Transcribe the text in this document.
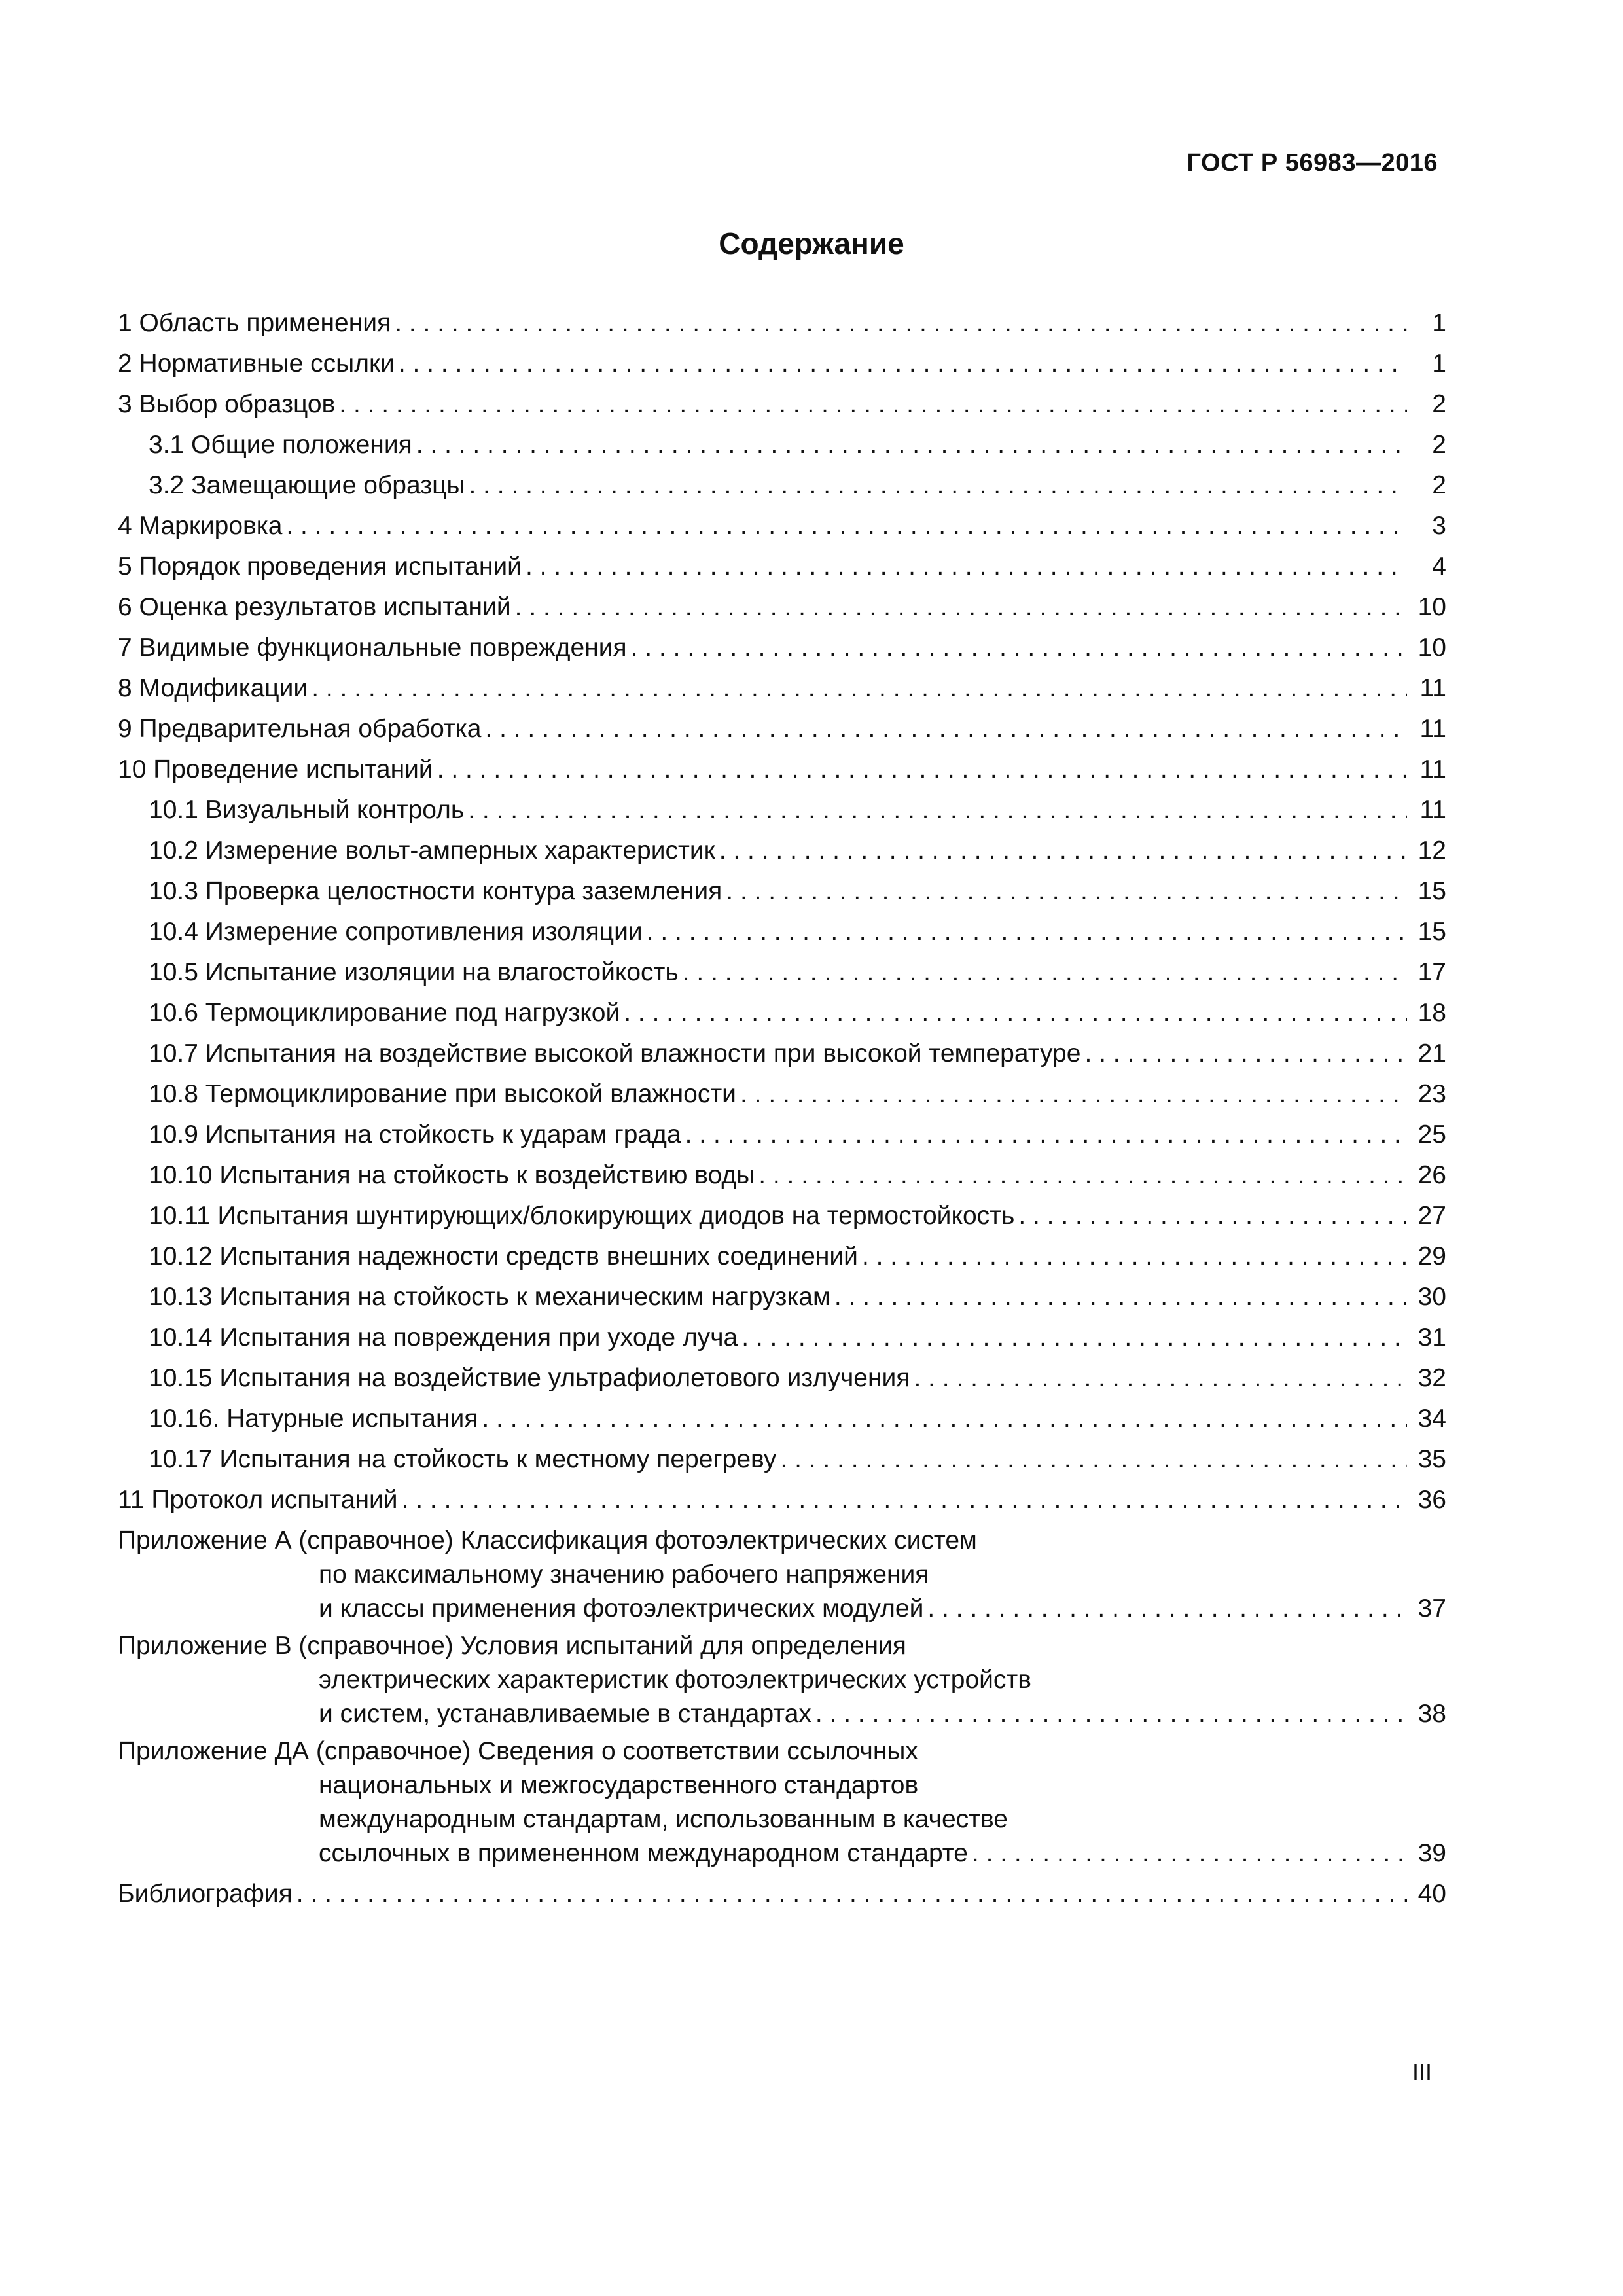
ГОСТ Р 56983—2016
Содержание
1 Область применения . . .	1
2 Нормативные ссылки . . .	1
3 Выбор образцов . . .	2
3.1 Общие положения . . .	2
3.2 Замещающие образцы . . .	2
4 Маркировка . . .	3
5 Порядок проведения испытаний . . .	4
6 Оценка результатов испытаний . . .	10
7 Видимые функциональные повреждения . . .	10
8 Модификации . . .	11
9 Предварительная обработка . . .	11
10 Проведение испытаний . . .	11
10.1 Визуальный контроль . . .	11
10.2 Измерение вольт-амперных характеристик . . .	12
10.3 Проверка целостности контура заземления . . .	15
10.4 Измерение сопротивления изоляции . . .	15
10.5 Испытание изоляции на влагостойкость . . .	17
10.6 Термоциклирование под нагрузкой . . .	18
10.7 Испытания на воздействие высокой влажности при высокой температуре . . .	21
10.8 Термоциклирование при высокой влажности . . .	23
10.9 Испытания на стойкость к ударам града . . .	25
10.10 Испытания на стойкость к воздействию воды . . .	26
10.11 Испытания шунтирующих/блокирующих диодов на термостойкость . . .	27
10.12 Испытания надежности средств внешних соединений . . .	29
10.13 Испытания на стойкость к механическим нагрузкам . . .	30
10.14 Испытания на повреждения при уходе луча . . .	31
10.15 Испытания на воздействие ультрафиолетового излучения . . .	32
10.16. Натурные испытания . . .	34
10.17 Испытания на стойкость к местному перегреву . . .	35
11 Протокол испытаний . . .	36
Приложение А (справочное) Классификация фотоэлектрических систем
по максимальному значению рабочего напряжения
и классы применения фотоэлектрических модулей . . .	37
Приложение В (справочное) Условия испытаний для определения
электрических характеристик фотоэлектрических устройств
и систем, устанавливаемые в стандартах . . .	38
Приложение ДА (справочное) Сведения о соответствии ссылочных
национальных и межгосударственного стандартов
международным стандартам, использованным в качестве
ссылочных в примененном международном стандарте . . .	39
Библиография . . .	40
III
